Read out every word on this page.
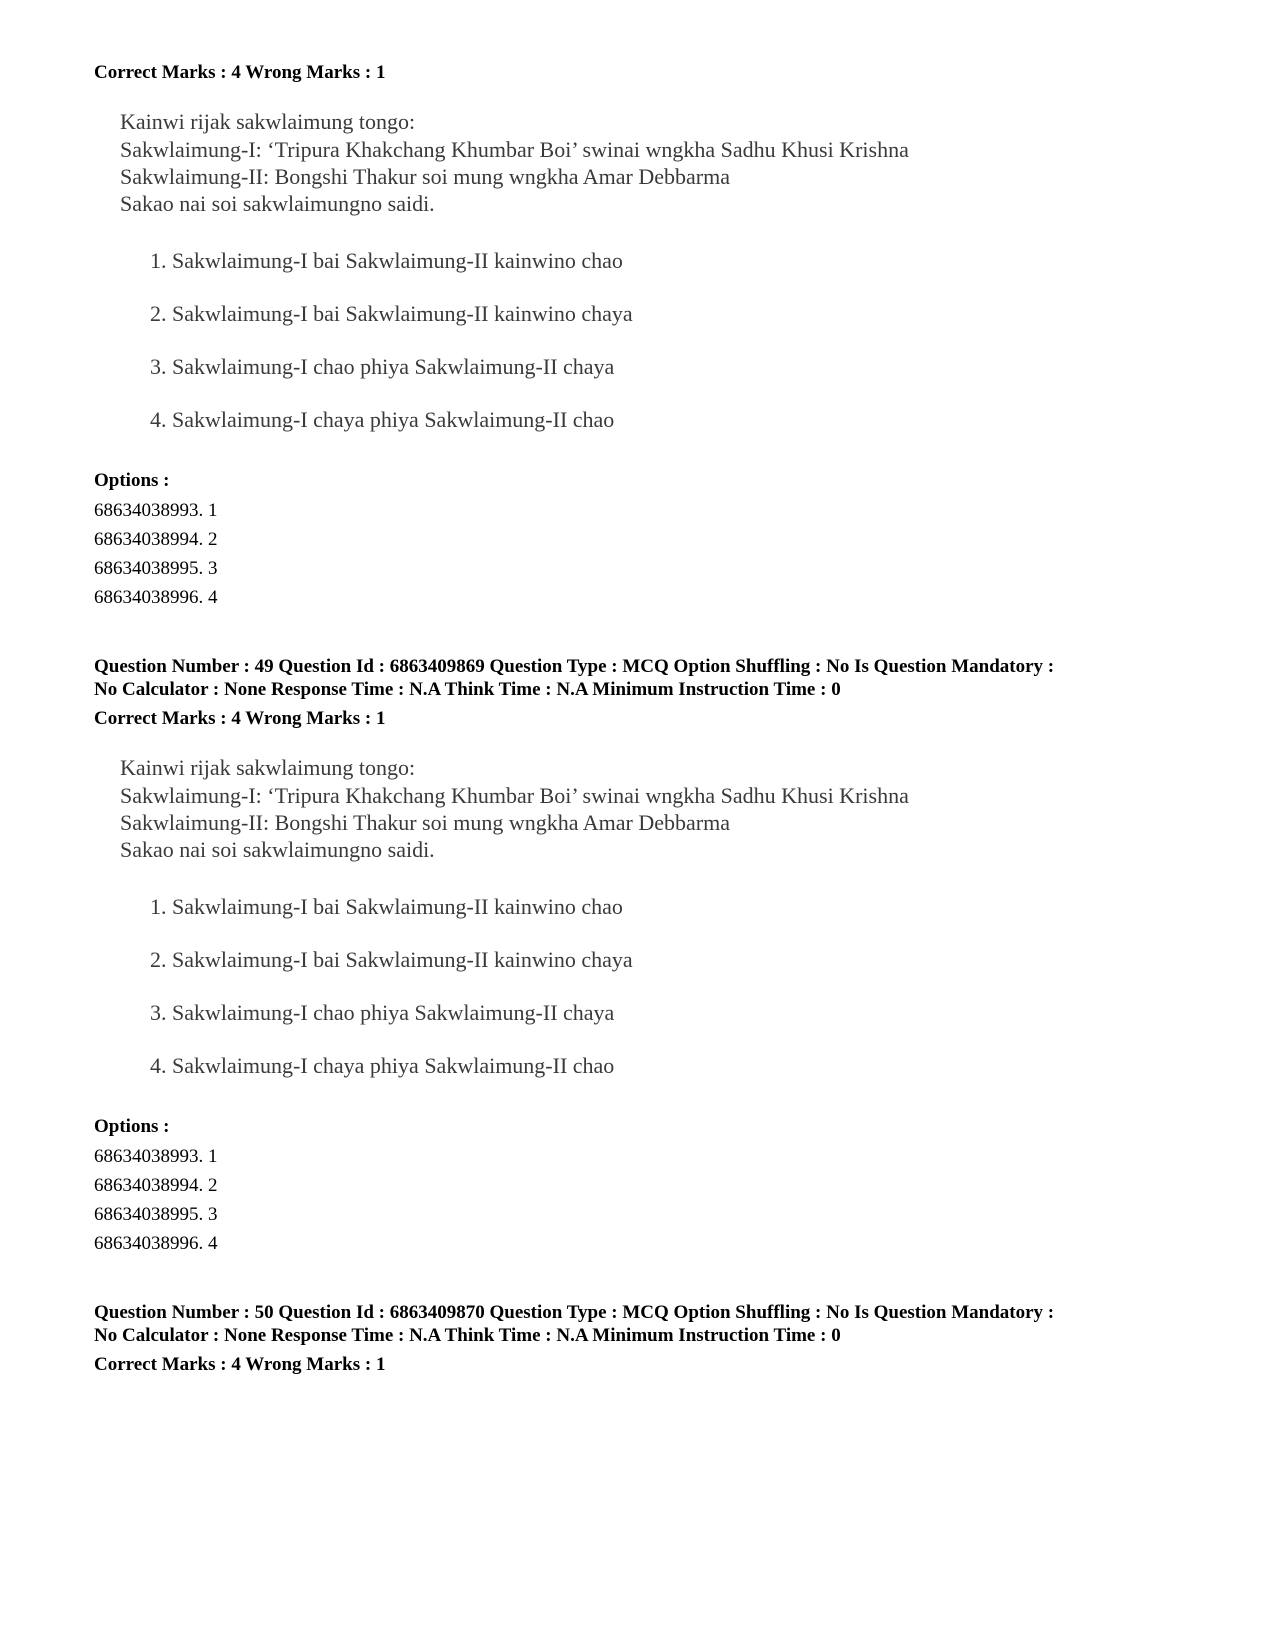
Correct Marks : 4 Wrong Marks : 1
Kainwi rijak sakwlaimung tongo:
Sakwlaimung-I: ‘Tripura Khakchang Khumbar Boi’ swinai wngkha Sadhu Khusi Krishna
Sakwlaimung-II: Bongshi Thakur soi mung wngkha Amar Debbarma
Sakao nai soi sakwlaimungno saidi.
1. Sakwlaimung-I bai Sakwlaimung-II kainwino chao
2. Sakwlaimung-I bai Sakwlaimung-II kainwino chaya
3. Sakwlaimung-I chao phiya Sakwlaimung-II chaya
4. Sakwlaimung-I chaya phiya Sakwlaimung-II chao
Options :
68634038993. 1
68634038994. 2
68634038995. 3
68634038996. 4
Question Number : 49 Question Id : 6863409869 Question Type : MCQ Option Shuffling : No Is Question Mandatory :
No Calculator : None Response Time : N.A Think Time : N.A Minimum Instruction Time : 0
Correct Marks : 4 Wrong Marks : 1
Kainwi rijak sakwlaimung tongo:
Sakwlaimung-I: ‘Tripura Khakchang Khumbar Boi’ swinai wngkha Sadhu Khusi Krishna
Sakwlaimung-II: Bongshi Thakur soi mung wngkha Amar Debbarma
Sakao nai soi sakwlaimungno saidi.
1. Sakwlaimung-I bai Sakwlaimung-II kainwino chao
2. Sakwlaimung-I bai Sakwlaimung-II kainwino chaya
3. Sakwlaimung-I chao phiya Sakwlaimung-II chaya
4. Sakwlaimung-I chaya phiya Sakwlaimung-II chao
Options :
68634038993. 1
68634038994. 2
68634038995. 3
68634038996. 4
Question Number : 50 Question Id : 6863409870 Question Type : MCQ Option Shuffling : No Is Question Mandatory :
No Calculator : None Response Time : N.A Think Time : N.A Minimum Instruction Time : 0
Correct Marks : 4 Wrong Marks : 1
